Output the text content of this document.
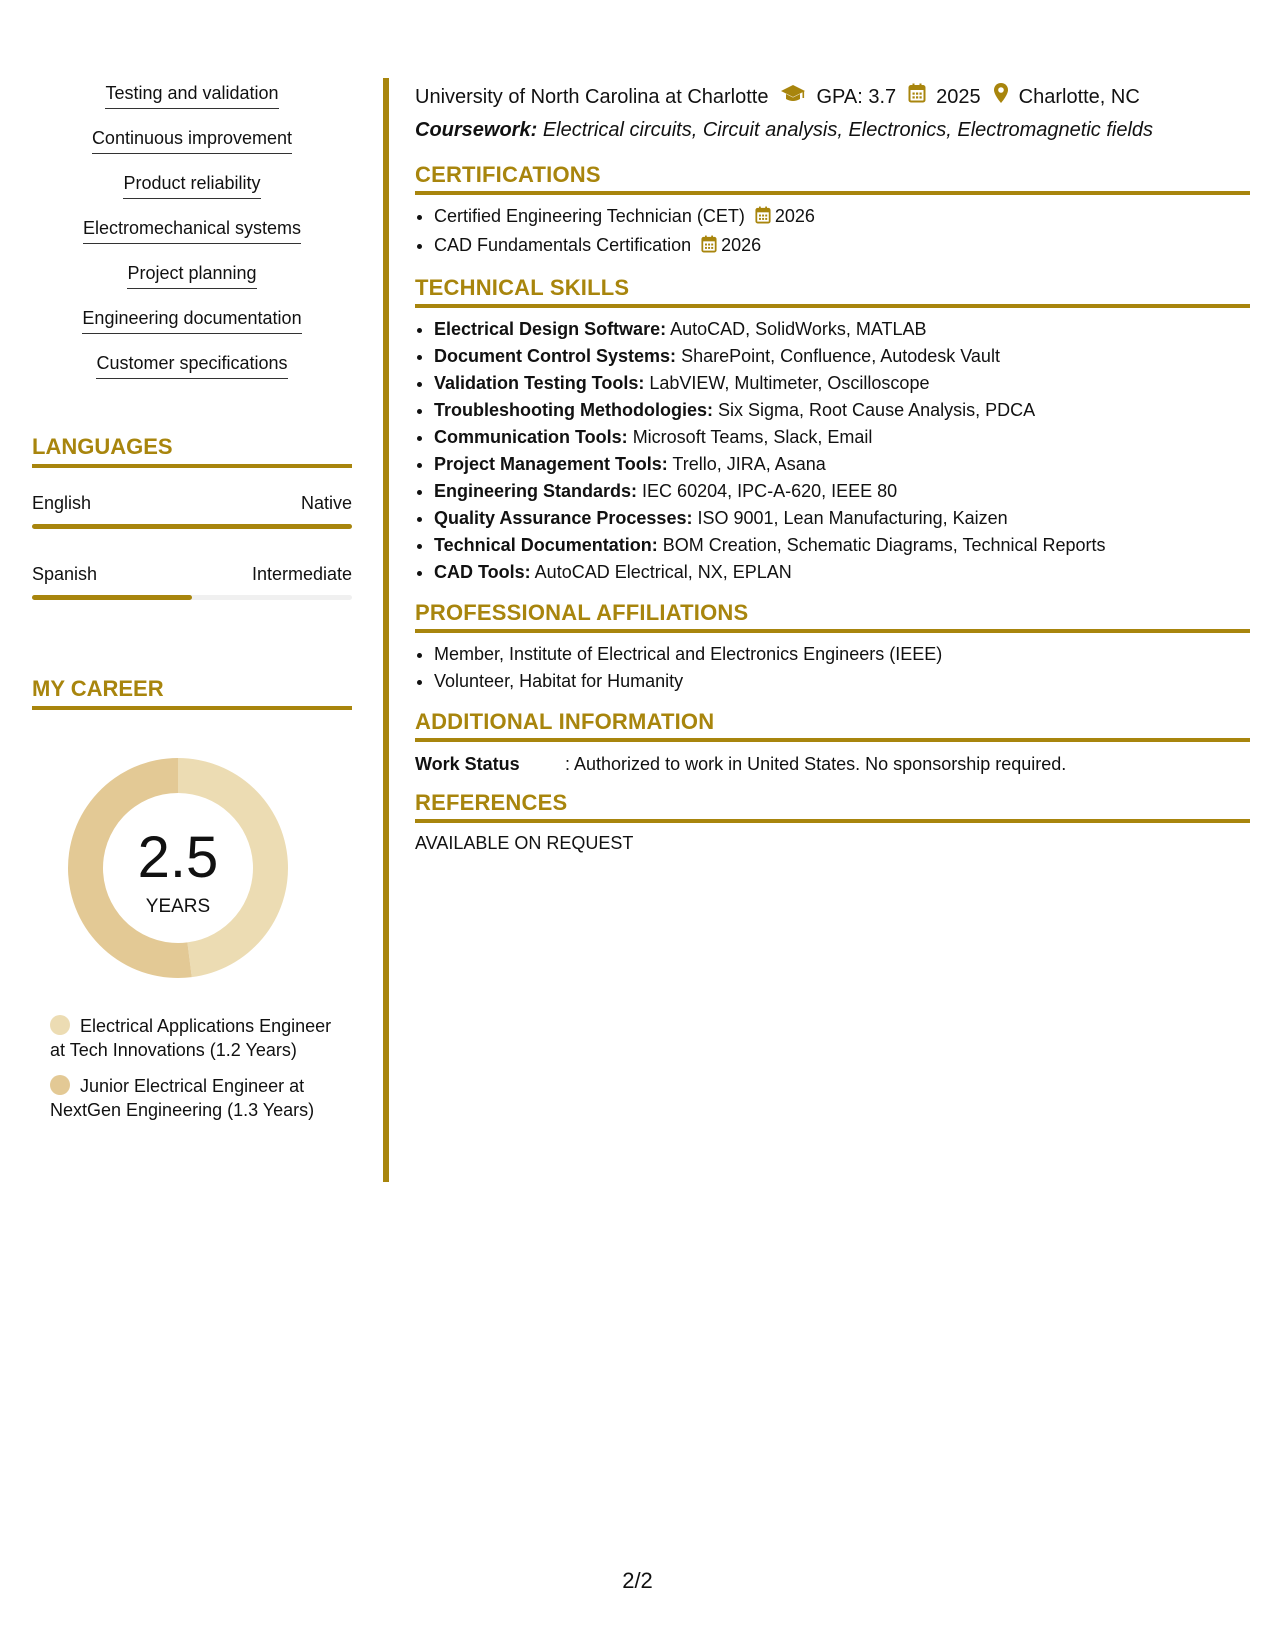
Testing and validation
Continuous improvement
Product reliability
Electromechanical systems
Project planning
Engineering documentation
Customer specifications
LANGUAGES
English	Native
Spanish	Intermediate
MY CAREER
2.5
YEARS
Electrical Applications Engineer at Tech Innovations (1.2 Years)
Junior Electrical Engineer at NextGen Engineering (1.3 Years)
University of North Carolina at Charlotte GPA: 3.7 2025 Charlotte, NC
Coursework: Electrical circuits, Circuit analysis, Electronics, Electromagnetic fields
CERTIFICATIONS
• Certified Engineering Technician (CET) 2026
• CAD Fundamentals Certification 2026
TECHNICAL SKILLS
• Electrical Design Software: AutoCAD, SolidWorks, MATLAB
• Document Control Systems: SharePoint, Confluence, Autodesk Vault
• Validation Testing Tools: LabVIEW, Multimeter, Oscilloscope
• Troubleshooting Methodologies: Six Sigma, Root Cause Analysis, PDCA
• Communication Tools: Microsoft Teams, Slack, Email
• Project Management Tools: Trello, JIRA, Asana
• Engineering Standards: IEC 60204, IPC-A-620, IEEE 80
• Quality Assurance Processes: ISO 9001, Lean Manufacturing, Kaizen
• Technical Documentation: BOM Creation, Schematic Diagrams, Technical Reports
• CAD Tools: AutoCAD Electrical, NX, EPLAN
PROFESSIONAL AFFILIATIONS
• Member, Institute of Electrical and Electronics Engineers (IEEE)
• Volunteer, Habitat for Humanity
ADDITIONAL INFORMATION
Work Status	: Authorized to work in United States. No sponsorship required.
REFERENCES
AVAILABLE ON REQUEST
2/2
